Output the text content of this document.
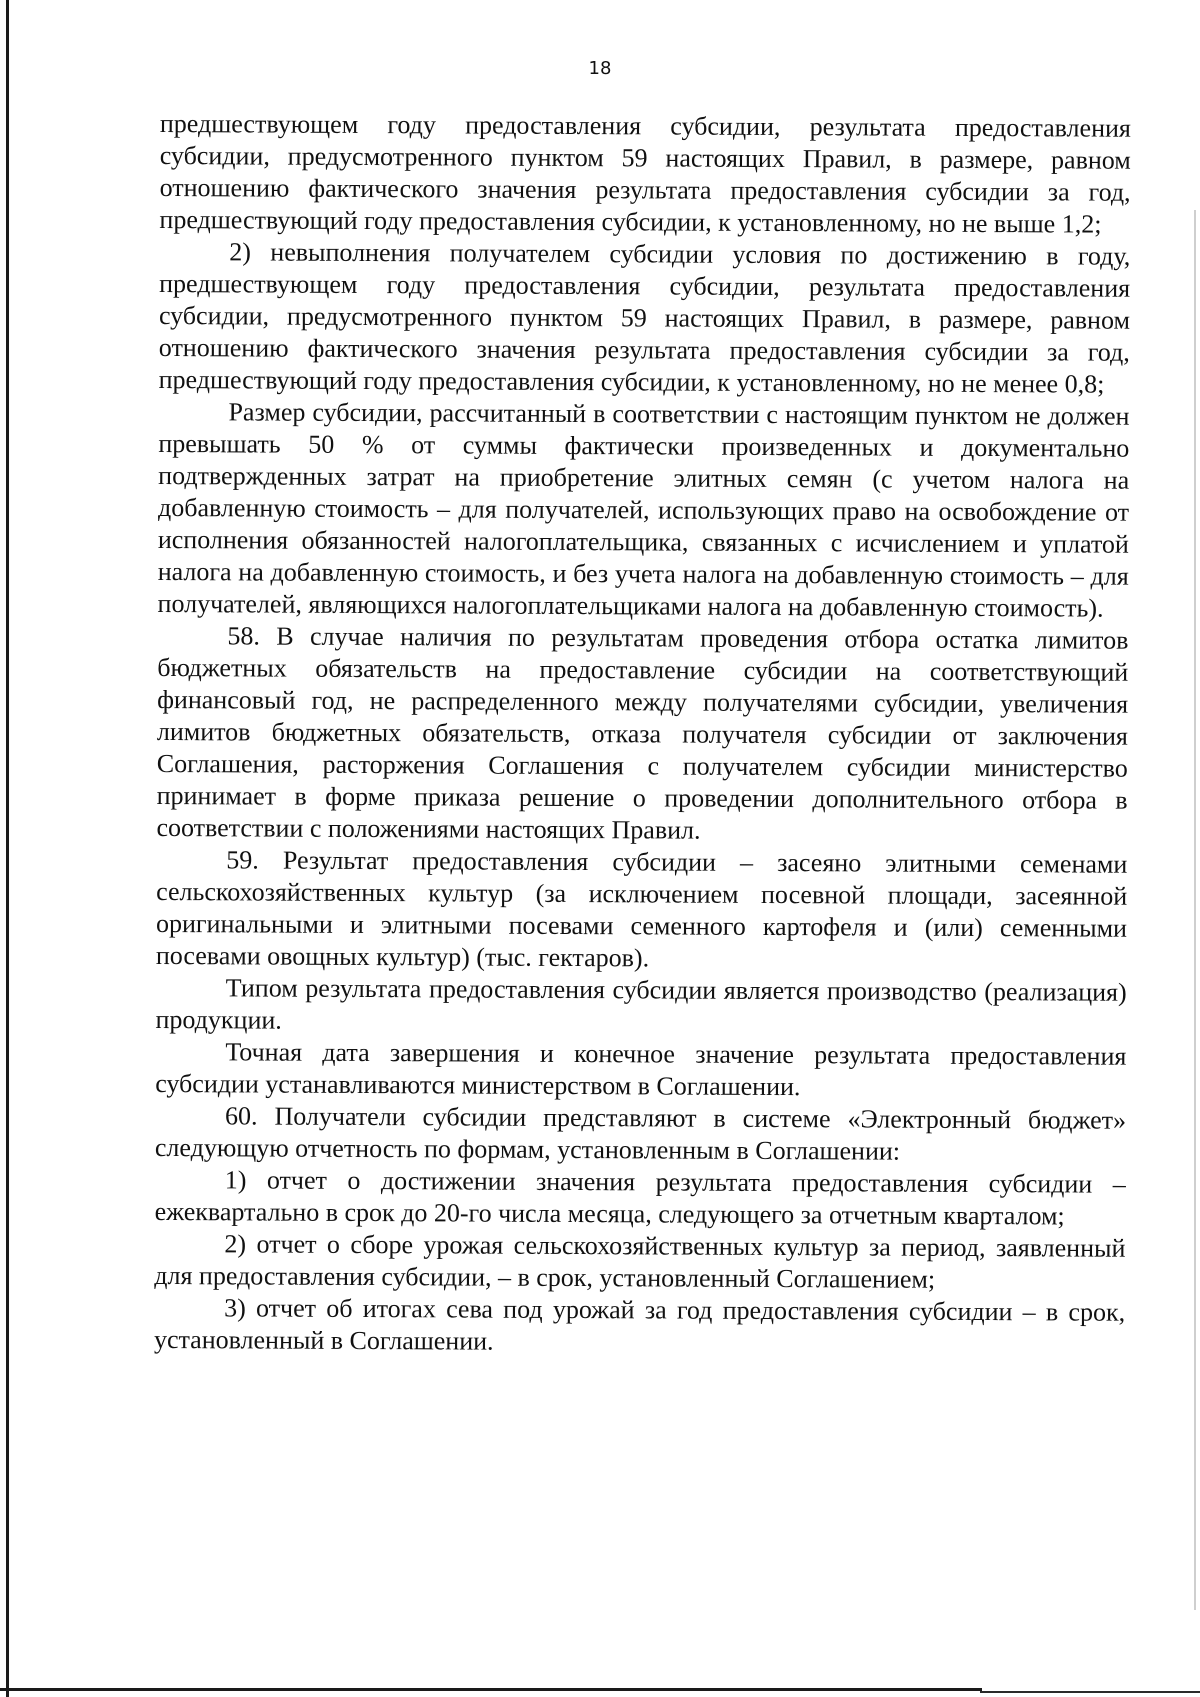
18

предшествующем году предоставления субсидии, результата предоставления субсидии, предусмотренного пунктом 59 настоящих Правил, в размере, равном отношению фактического значения результата предоставления субсидии за год, предшествующий году предоставления субсидии, к установленному, но не выше 1,2;

2) невыполнения получателем субсидии условия по достижению в году, предшествующем году предоставления субсидии, результата предоставления субсидии, предусмотренного пунктом 59 настоящих Правил, в размере, равном отношению фактического значения результата предоставления субсидии за год, предшествующий году предоставления субсидии, к установленному, но не менее 0,8;

Размер субсидии, рассчитанный в соответствии с настоящим пунктом не должен превышать 50 % от суммы фактически произведенных и документально подтвержденных затрат на приобретение элитных семян (с учетом налога на добавленную стоимость – для получателей, использующих право на освобождение от исполнения обязанностей налогоплательщика, связанных с исчислением и уплатой налога на добавленную стоимость, и без учета налога на добавленную стоимость – для получателей, являющихся налогоплательщиками налога на добавленную стоимость).

58. В случае наличия по результатам проведения отбора остатка лимитов бюджетных обязательств на предоставление субсидии на соответствующий финансовый год, не распределенного между получателями субсидии, увеличения лимитов бюджетных обязательств, отказа получателя субсидии от заключения Соглашения, расторжения Соглашения с получателем субсидии министерство принимает в форме приказа решение о проведении дополнительного отбора в соответствии с положениями настоящих Правил.

59. Результат предоставления субсидии – засеяно элитными семенами сельскохозяйственных культур (за исключением посевной площади, засеянной оригинальными и элитными посевами семенного картофеля и (или) семенными посевами овощных культур) (тыс. гектаров).

Типом результата предоставления субсидии является производство (реализация) продукции.

Точная дата завершения и конечное значение результата предоставления субсидии устанавливаются министерством в Соглашении.

60. Получатели субсидии представляют в системе «Электронный бюджет» следующую отчетность по формам, установленным в Соглашении:

1) отчет о достижении значения результата предоставления субсидии – ежеквартально в срок до 20-го числа месяца, следующего за отчетным кварталом;

2) отчет о сборе урожая сельскохозяйственных культур за период, заявленный для предоставления субсидии, – в срок, установленный Соглашением;

3) отчет об итогах сева под урожай за год предоставления субсидии – в срок, установленный в Соглашении.
